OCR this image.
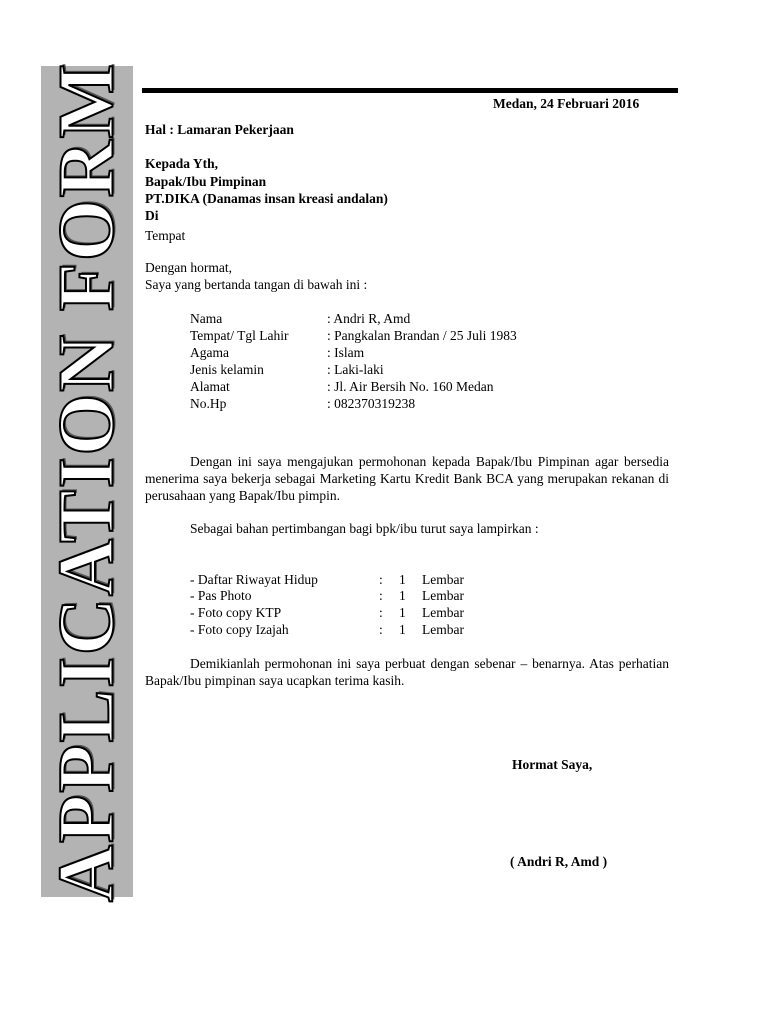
APPLICATION FORM	Medan, 24 Februari 2016
Hal : Lamaran Pekerjaan
Kepada Yth,
Bapak/Ibu Pimpinan
PT.DIKA (Danamas insan kreasi andalan)
Di
Tempat
Dengan hormat,
Saya yang bertanda tangan di bawah ini :
Nama	: Andri R, Amd
Tempat/ Tgl Lahir	: Pangkalan Brandan / 25 Juli 1983
Agama	: Islam
Jenis kelamin	: Laki-laki
Alamat	: Jl. Air Bersih No. 160 Medan
No.Hp	: 082370319238
Dengan ini saya mengajukan permohonan kepada Bapak/Ibu Pimpinan agar bersedia menerima saya bekerja sebagai Marketing Kartu Kredit Bank BCA yang merupakan rekanan di perusahaan yang Bapak/Ibu pimpin.
Sebagai bahan pertimbangan bagi bpk/ibu turut saya lampirkan :
- Daftar Riwayat Hidup	: 1 Lembar
- Pas Photo	: 1 Lembar
- Foto copy KTP	: 1 Lembar
- Foto copy Izajah	: 1 Lembar
Demikianlah permohonan ini saya perbuat dengan sebenar – benarnya. Atas perhatian Bapak/Ibu pimpinan saya ucapkan terima kasih.
Hormat Saya,
( Andri R, Amd )
